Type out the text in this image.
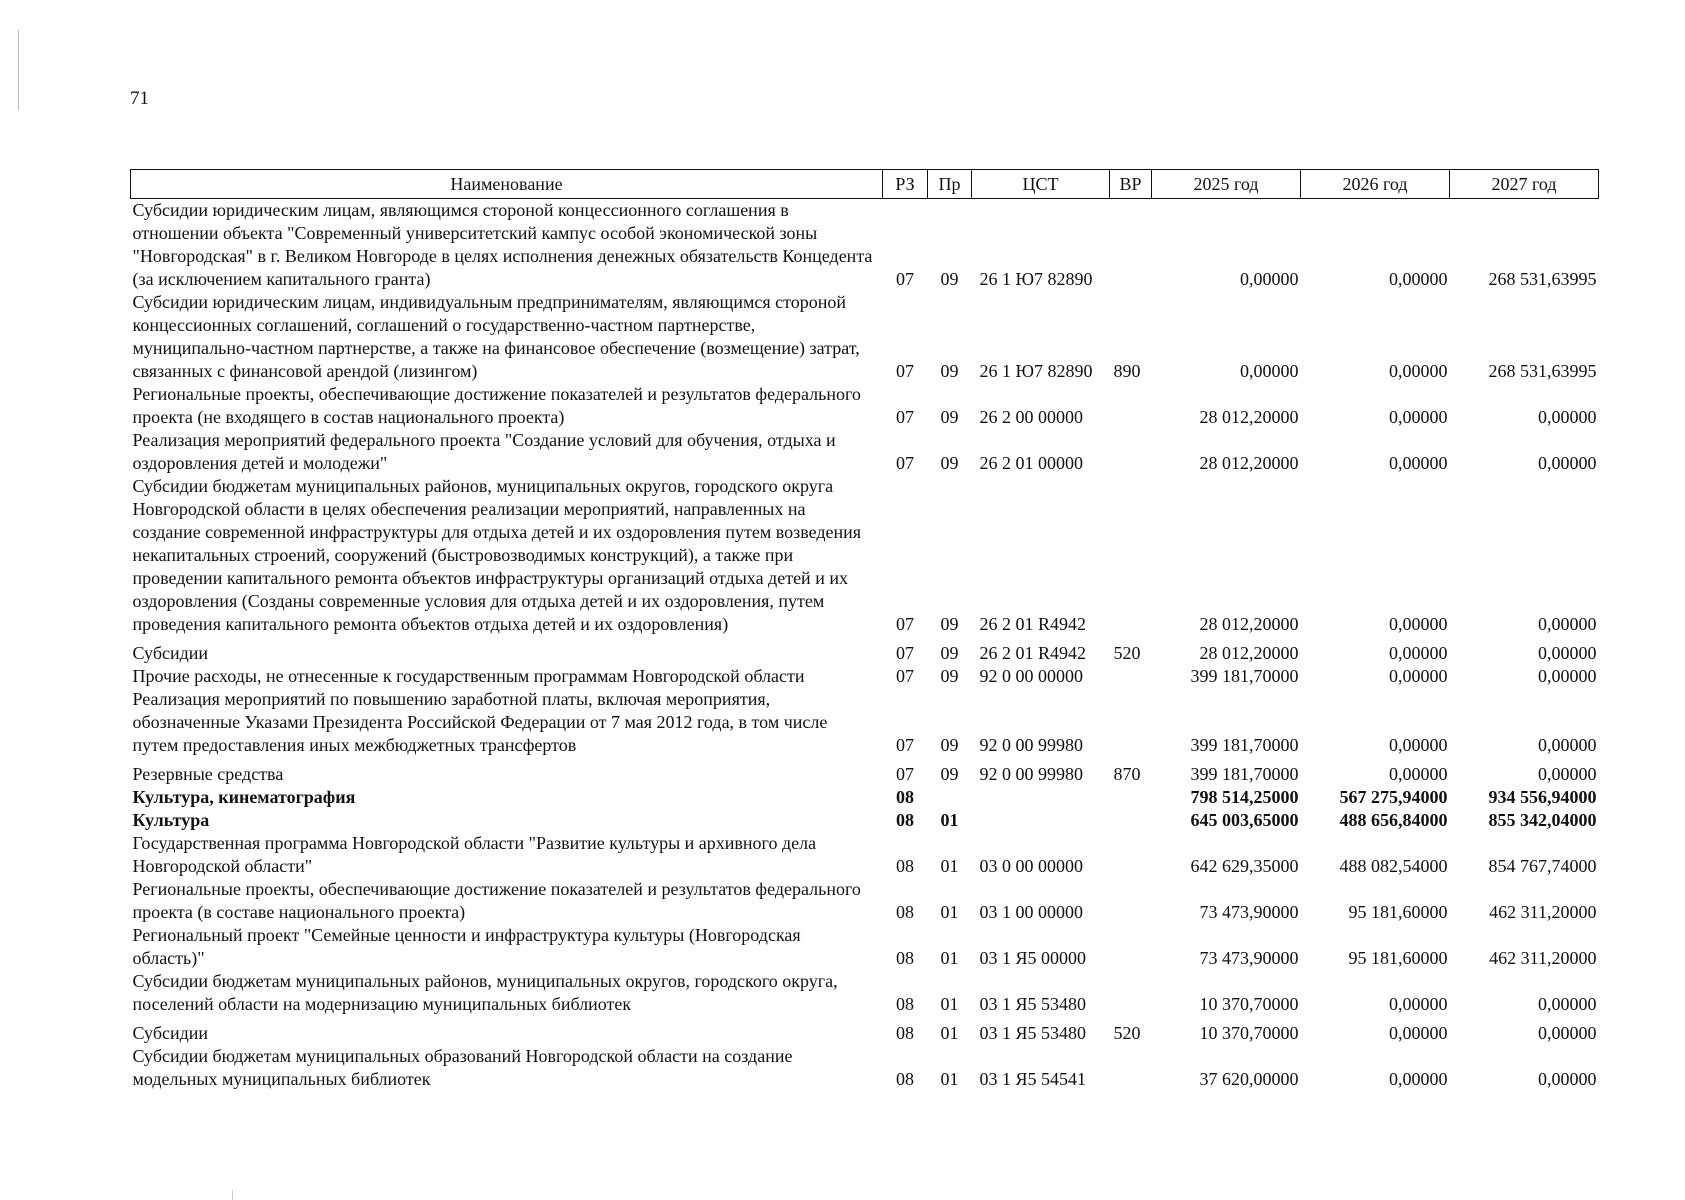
71
Наименование	РЗ	Пр	ЦСТ	ВР	2025 год	2026 год	2027 год
Субсидии юридическим лицам, являющимся стороной концессионного соглашения в отношении объекта "Современный университетский кампус особой экономической зоны "Новгородская" в г. Великом Новгороде в целях исполнения денежных обязательств Концедента (за исключением капитального гранта)	07	09	26 1 Ю7 82890		0,00000	0,00000	268 531,63995
Субсидии юридическим лицам, индивидуальным предпринимателям, являющимся стороной концессионных соглашений, соглашений о государственно-частном партнерстве, муниципально-частном партнерстве, а также на финансовое обеспечение (возмещение) затрат, связанных с финансовой арендой (лизингом)	07	09	26 1 Ю7 82890	890	0,00000	0,00000	268 531,63995
Региональные проекты, обеспечивающие достижение показателей и результатов федерального проекта (не входящего в состав национального проекта)	07	09	26 2 00 00000		28 012,20000	0,00000	0,00000
Реализация мероприятий федерального проекта "Создание условий для обучения, отдыха и оздоровления детей и молодежи"	07	09	26 2 01 00000		28 012,20000	0,00000	0,00000
Субсидии бюджетам муниципальных районов, муниципальных округов, городского округа Новгородской области в целях обеспечения реализации мероприятий, направленных на создание современной инфраструктуры для отдыха детей и их оздоровления путем возведения некапитальных строений, сооружений (быстровозводимых конструкций), а также при проведении капитального ремонта объектов инфраструктуры организаций отдыха детей и их оздоровления (Созданы современные условия для отдыха детей и их оздоровления, путем проведения капитального ремонта объектов отдыха детей и их оздоровления)	07	09	26 2 01 R4942		28 012,20000	0,00000	0,00000
Субсидии	07	09	26 2 01 R4942	520	28 012,20000	0,00000	0,00000
Прочие расходы, не отнесенные к государственным программам Новгородской области	07	09	92 0 00 00000		399 181,70000	0,00000	0,00000
Реализация мероприятий по повышению заработной платы, включая мероприятия, обозначенные Указами Президента Российской Федерации от 7 мая 2012 года, в том числе путем предоставления иных межбюджетных трансфертов	07	09	92 0 00 99980		399 181,70000	0,00000	0,00000
Резервные средства	07	09	92 0 00 99980	870	399 181,70000	0,00000	0,00000
Культура, кинематография	08				798 514,25000	567 275,94000	934 556,94000
Культура	08	01			645 003,65000	488 656,84000	855 342,04000
Государственная программа Новгородской области "Развитие культуры и архивного дела Новгородской области"	08	01	03 0 00 00000		642 629,35000	488 082,54000	854 767,74000
Региональные проекты, обеспечивающие достижение показателей и результатов федерального проекта (в составе национального проекта)	08	01	03 1 00 00000		73 473,90000	95 181,60000	462 311,20000
Региональный проект "Семейные ценности и инфраструктура культуры (Новгородская область)"	08	01	03 1 Я5 00000		73 473,90000	95 181,60000	462 311,20000
Субсидии бюджетам муниципальных районов, муниципальных округов, городского округа, поселений области на модернизацию муниципальных библиотек	08	01	03 1 Я5 53480		10 370,70000	0,00000	0,00000
Субсидии	08	01	03 1 Я5 53480	520	10 370,70000	0,00000	0,00000
Субсидии бюджетам муниципальных образований Новгородской области на создание модельных муниципальных библиотек	08	01	03 1 Я5 54541		37 620,00000	0,00000	0,00000
